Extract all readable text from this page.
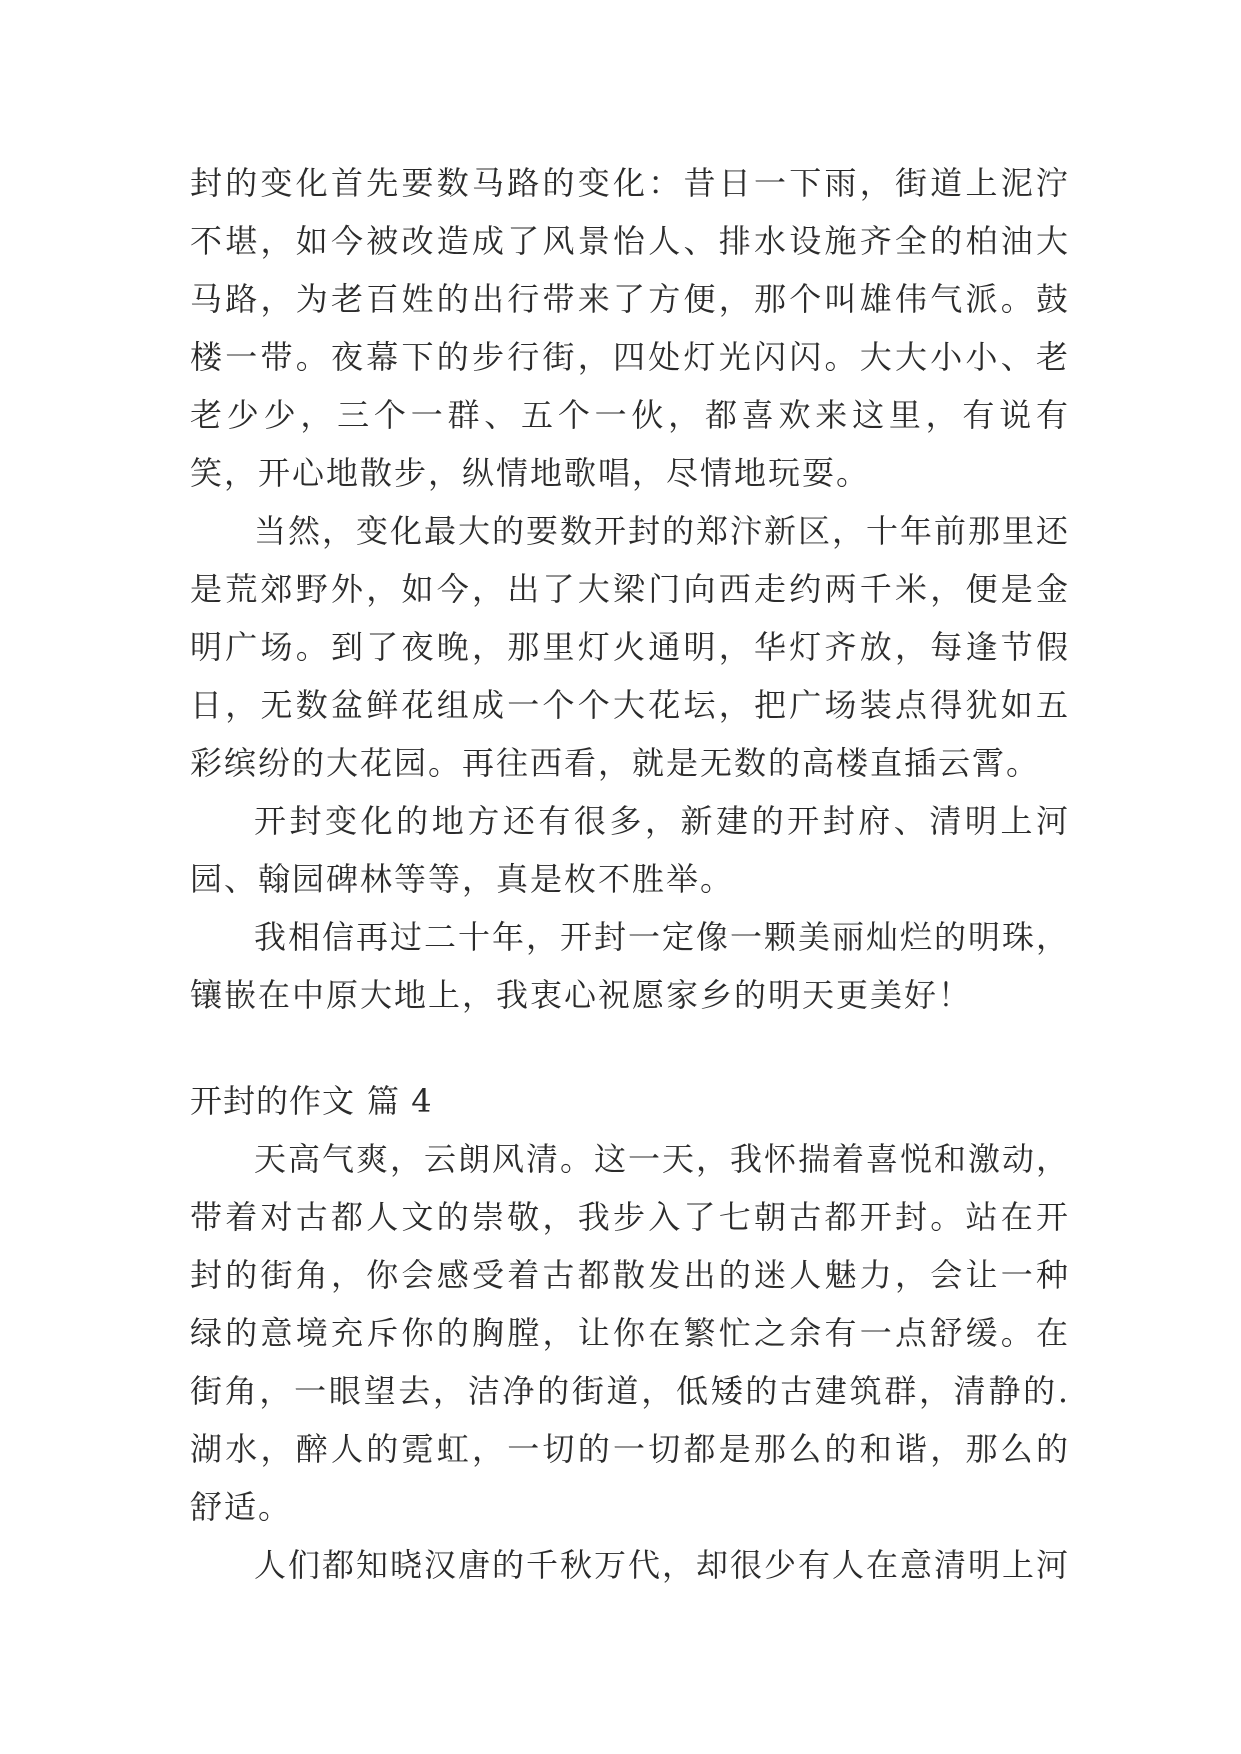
封的变化首先要数马路的变化：昔日一下雨，街道上泥泞不堪，如今被改造成了风景怡人、排水设施齐全的柏油大马路，为老百姓的出行带来了方便，那个叫雄伟气派。鼓楼一带。夜幕下的步行街，四处灯光闪闪。大大小小、老老少少，三个一群、五个一伙，都喜欢来这里，有说有笑，开心地散步，纵情地歌唱，尽情地玩耍。

当然，变化最大的要数开封的郑汴新区，十年前那里还是荒郊野外，如今，出了大梁门向西走约两千米，便是金明广场。到了夜晚，那里灯火通明，华灯齐放，每逢节假日，无数盆鲜花组成一个个大花坛，把广场装点得犹如五彩缤纷的大花园。再往西看，就是无数的高楼直插云霄。

开封变化的地方还有很多，新建的开封府、清明上河园、翰园碑林等等，真是枚不胜举。

我相信再过二十年，开封一定像一颗美丽灿烂的明珠，镶嵌在中原大地上，我衷心祝愿家乡的明天更美好！

开封的作文 篇 4

天高气爽，云朗风清。这一天，我怀揣着喜悦和激动，带着对古都人文的崇敬，我步入了七朝古都开封。站在开封的街角，你会感受着古都散发出的迷人魅力，会让一种绿的意境充斥你的胸膛，让你在繁忙之余有一点舒缓。在街角，一眼望去，洁净的街道，低矮的古建筑群，清静的.湖水，醉人的霓虹，一切的一切都是那么的和谐，那么的舒适。

人们都知晓汉唐的千秋万代，却很少有人在意清明上河
